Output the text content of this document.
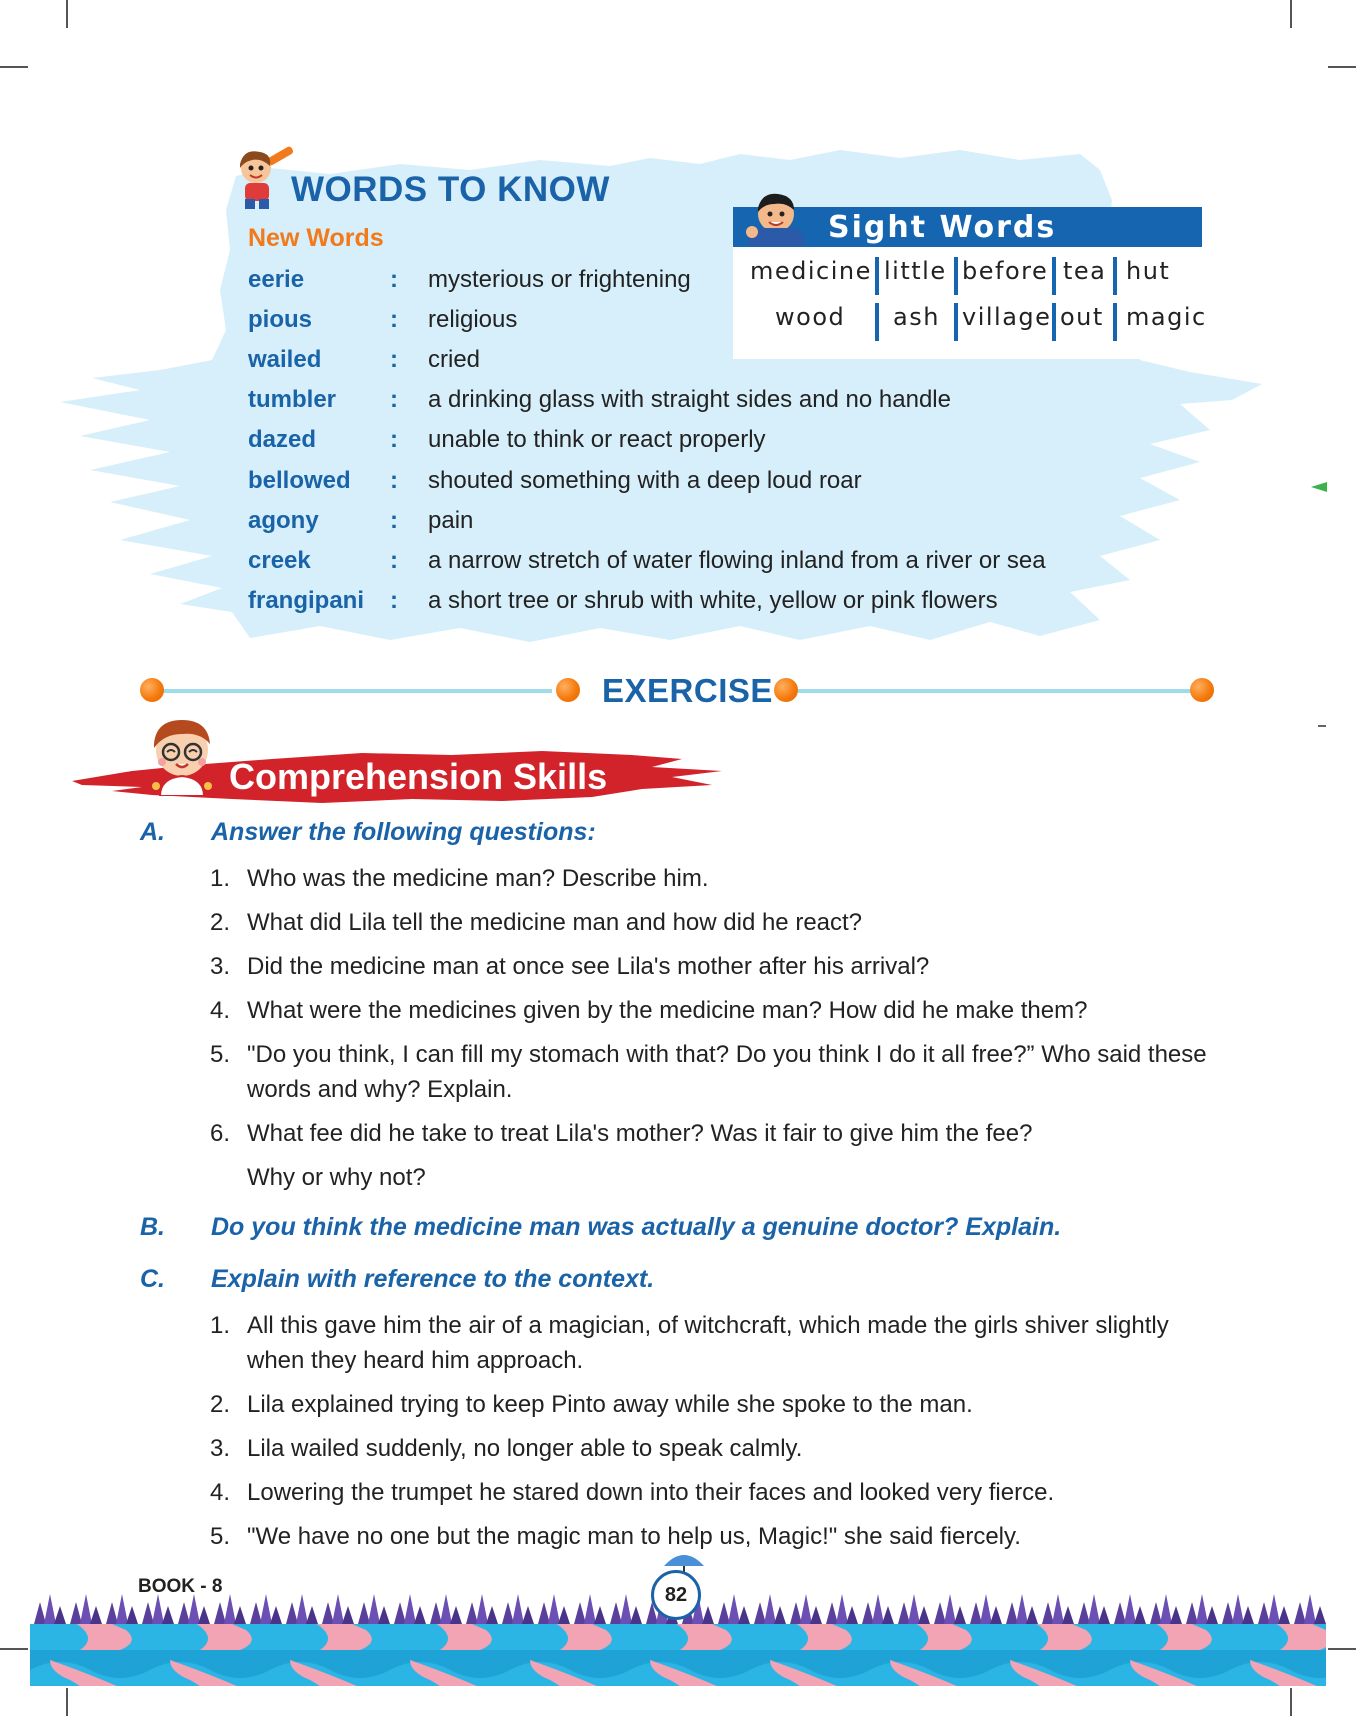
WORDS TO KNOW
New Words
eerie	: mysterious or frightening
pious	: religious
wailed	: cried
tumbler : a drinking glass with straight sides and no handle
dazed	: unable to think or react properly
bellowed : shouted something with a deep loud roar
agony	: pain
creek	: a narrow stretch of water flowing inland from a river or sea
frangipani : a short tree or shrub with white, yellow or pink flowers
Sight Words
medicine little before tea hut
wood ash village out magic
EXERCISE
Comprehension Skills
A. Answer the following questions:
1. Who was the medicine man? Describe him.
2. What did Lila tell the medicine man and how did he react?
3. Did the medicine man at once see Lila's mother after his arrival?
4. What were the medicines given by the medicine man? How did he make them?
5. "Do you think, I can fill my stomach with that? Do you think I do it all free?” Who said these words and why? Explain.
6. What fee did he take to treat Lila's mother? Was it fair to give him the fee?
Why or why not?
B. Do you think the medicine man was actually a genuine doctor? Explain.
C. Explain with reference to the context.
1. All this gave him the air of a magician, of witchcraft, which made the girls shiver slightly when they heard him approach.
2. Lila explained trying to keep Pinto away while she spoke to the man.
3. Lila wailed suddenly, no longer able to speak calmly.
4. Lowering the trumpet he stared down into their faces and looked very fierce.
5. "We have no one but the magic man to help us, Magic!" she said fiercely.
BOOK - 8	82
